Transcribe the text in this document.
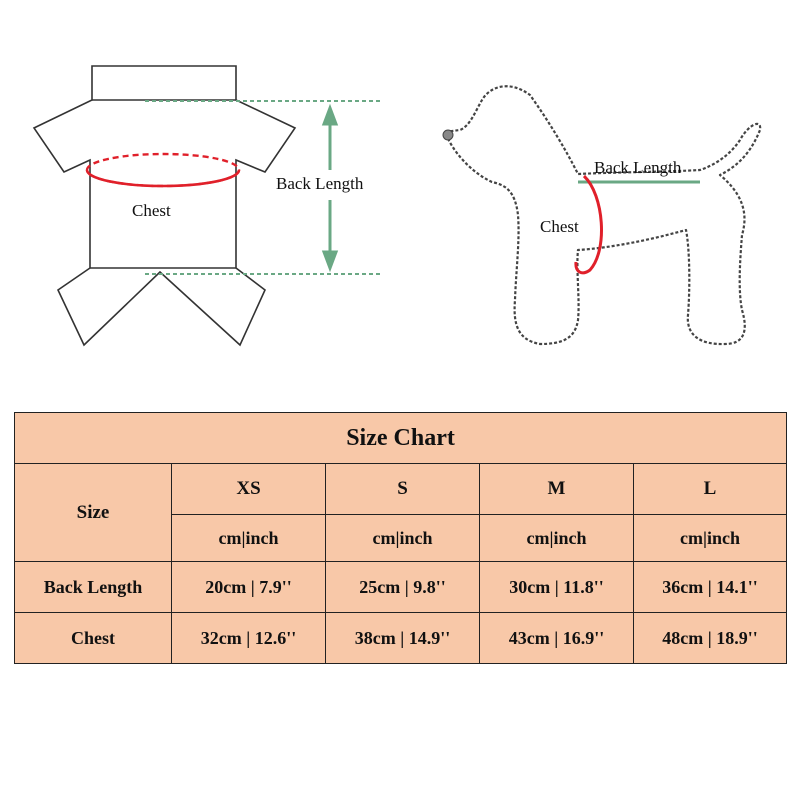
Chest
Back Length
Back Length
Chest
Size Chart				
Size	XS	S	M	L
	cm|inch	cm|inch	cm|inch	cm|inch
Back Length	20cm | 7.9''	25cm | 9.8''	30cm | 11.8''	36cm | 14.1''
Chest	32cm | 12.6''	38cm | 14.9''	43cm | 16.9''	48cm | 18.9''
